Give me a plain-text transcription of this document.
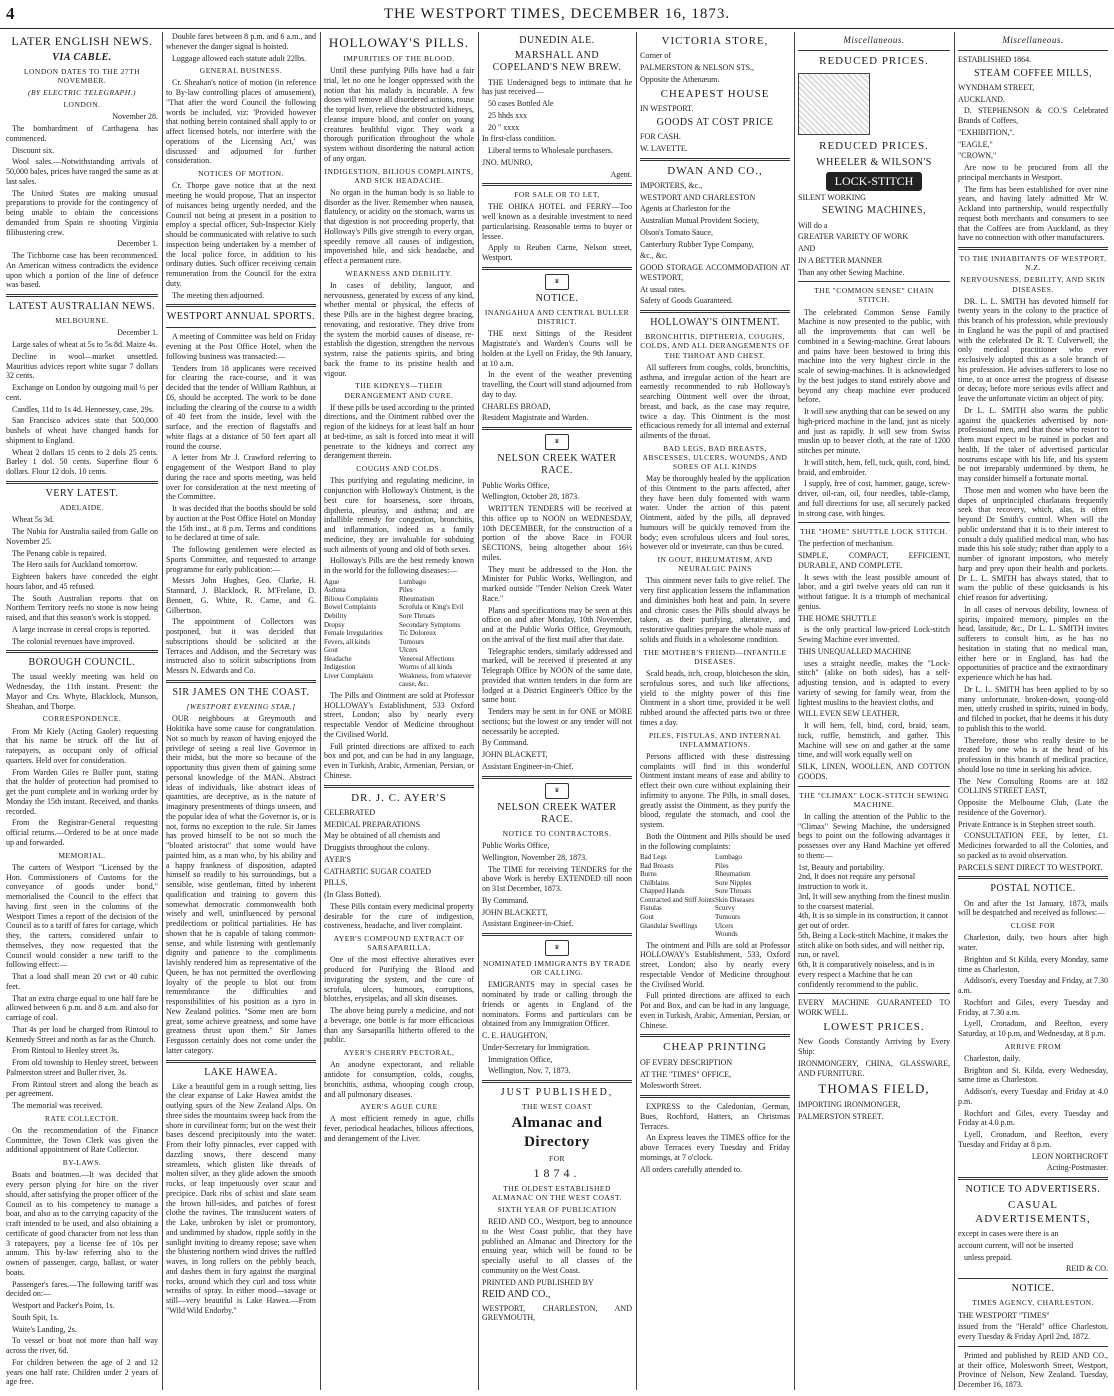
4	THE WESTPORT TIMES, DECEMBER 16, 1873.
LATER ENGLISH NEWS.
VIA CABLE.
LONDON DATES TO THE 27TH NOVEMBER.
(BY ELECTRIC TELEGRAPH.)
LONDON.

November 28.

The bombardment of Carthagena has commenced.

Discount six.

Wool sales.—Notwithstanding arrivals of 50,000 bales, prices have ranged the same as at last sales.

The United States are making unusual preparations to provide for the contingency of being unable to obtain the concessions demanded from Spain re shooting Virginia filibustering crew.

December 1.

The Tichborne case has been recommenced. An American witness contradicts the evidence upon which a portion of the line of defence was based.

LATEST AUSTRALIAN NEWS.
MELBOURNE.

December 1.

Large sales of wheat at 5s to 5s 8d. Maize 4s.

Decline in wool—market unsettled. Mauritius advices report white sugar 7 dollars 32 cents.

Exchange on London by outgoing mail ½ per cent.

Candles, 11d to 1s 4d. Hennessey, case, 29s.

San Francisco advices state that 500,000 bushels of wheat have changed hands for shipment to England.

Wheat 2 dollars 15 cents to 2 dols 25 cents. Barley 1 dol. 50 cents. Superfine flour 6 dollars. Flour 12 dols. 10 cents.

VERY LATEST.
ADELAIDE.

Wheat 5s 3d.

The Nubia for Australia sailed from Galle on November 25.

The Penang cable is repaired.

The Hero sails for Auckland tomorrow.

Eighteen bakers have conceded the eight hours labor, and 45 refused.

The South Australian reports that on Northern Territory reefs no stone is now being raised, and that this season's work is stopped.

A large increase in cereal crops is reported.

The colonial revenues have improved.

BOROUGH COUNCIL.

The usual weekly meeting was held on Wednesday, the 11th instant. Present: the Mayor and Crs. Whyte, Blacklock, Munson, Sheahan, and Thorpe.

CORRESPONDENCE.

From Mr Kiely (Acting Gaoler) requesting that his name be struck off the list of ratepayers, as occupant only of official quarters. Held over for consideration.

From Warden Giles re Buller punt, stating that the holder of protection had promised to get the punt complete and in working order by Monday the 15th instant. Received, and thanks recorded.

From the Registrar-General requesting official returns.—Ordered to be at once made up and forwarded.

MEMORIAL.

The carters of Westport "Licensed by the Hon. Commissioners of Customs for the conveyance of goods under bond," memorialised the Council to the effect that having first seen in the columns of the Westport Times a report of the decision of the Council as to a tariff of fares for cartage, which they, the carters, considered unfair to themselves, they now requested that the Council would consider a new tariff to the following effect:—

That a load shall mean 20 cwt or 40 cubic feet.

That an extra charge equal to one half fare be allowed between 6 p.m. and 8 a.m. and also for carriage of coal.

That 4s per load be charged from Rintoul to Kennedy Street and north as far as the Church.

From Rintoul to Henley street 3s.

From old township to Henley street, between Palmerston street and Buller river, 3s.

From Rintoul street and along the beach as per agreement.

The memorial was received.

RATE COLLECTOR.

On the recommendation of the Finance Committee, the Town Clerk was given the additional appointment of Rate Collector.

BY-LAWS.

Boats and boatmen.—It was decided that every person plying for hire on the river should, after satisfying the proper officer of the Council as to his competency to manage a boat, and also as to the carrying capacity of the craft intended to be used, and also obtaining a certificate of good character from not less than 3 ratepayers, pay a license fee of 10s per annum. This by-law referring also to the owners of passenger, cargo, ballast, or water boats.

Passenger's fares.—The following tariff was decided on:—

Westport and Packer's Point, 1s.

South Spit, 1s.

Waite's Landing, 2s.

To vessel or boat not more than half way across the river, 6d.

For children between the age of 2 and 12 years one half rate. Children under 2 years of age free.

Double fares between 8 p.m. and 6 a.m., and whenever the danger signal is hoisted.

Luggage allowed each statute adult 22lbs.

GENERAL BUSINESS.

Cr. Sheahan's notice of motion (in reference to By-law controlling places of amusement), "That after the word Council the following words be included, viz: 'Provided however that nothing herein contained shall apply to or affect licensed hotels, nor interfere with the operations of the Licensing Act,' was discussed and adjourned for further consideration.

NOTICES OF MOTION.

Cr. Thorpe gave notice that at the next meeting he would propose, That an inspector of nuisances being urgently needed, and the Council not being at present in a position to employ a special officer, Sub-Inspector Kiely should be communicated with relative to such inspection being undertaken by a member of the local police force, in addition to his ordinary duties. Such officer receiving certain remuneration from the Council for the extra duty.

The meeting then adjourned.

WESTPORT ANNUAL SPORTS.

A meeting of Committee was held on Friday evening at the Post Office Hotel, when the following business was transacted:—

Tenders from 18 applicants were received for clearing the race-course, and it was decided that the tender of William Rathbun, at £6, should be accepted. The work to be done including the clearing of the course to a width of 40 feet from the inside, level with the surface, and the erection of flagstaffs and white flags at a distance of 50 feet apart all round the course.

A letter from Mr J. Crawford referring to engagement of the Westport Band to play during the race and sports meeting, was held over for consideration at the next meeting of the Committee.

It was decided that the booths should be sold by auction at the Post Office Hotel on Monday the 15th inst., at 8 p.m. Terms and conditions to be declared at time of sale.

The following gentlemen were elected as Sports Committee, and requested to arrange programme for early publication:—

Messrs John Hughes, Geo. Clarke, H. Stannard, J. Blacklock, R. M'Frelane, D. Bennett, G. White, R. Carne, and G. Gilbertson.

The appointment of Collectors was postponed, but it was decided that subscriptions should be solicited at the Terraces and Addison, and the Secretary was instructed also to solicit subscriptions from Messrs N. Edwards and Co.

SIR JAMES ON THE COAST.
[WESTPORT EVENING STAR.]

OUR neighbours at Greymouth and Hokitika have some cause for congratulation. Not so much by reason of having enjoyed the privilege of seeing a real live Governor in their midst, but the more so because of the opportunity thus given them of gaining some personal knowledge of the MAN. Abstract ideas of individuals, like abstract ideas of quantities, are deceptive, as is the nature of imaginary presentments of things unseen, and the popular idea of what the Governor is, or is not, forms no exception to the rule. Sir James has proved himself to be not so much the "bloated aristocrat" that some would have painted him, as a man who, by his ability and a happy frankness of disposition, adapted himself so readily to his surroundings, but a sensible, wise gentleman, fitted by inherent qualification and training to govern this somewhat democratic commonwealth both wisely and well, uninfluenced by personal predilections or political partialities. He has shown that he is capable of taking common-sense, and while listening with gentlemanly dignity and patience to the compliments lavishly rendered him as representative of the Queen, he has not permitted the overflowing loyalty of the people to blot out from remembrance the difficulties and responsibilities of his position as a tyro in New Zealand politics. "Some men are born great, some achieve greatness, and some have greatness thrust upon them." Sir James Fergusson certainly does not come under the latter category.

LAKE HAWEA.

Like a beautiful gem in a rough setting, lies the clear expanse of Lake Hawea amidst the outlying spurs of the New Zealand Alps. On three sides the mountains sweep back from the shore in curvilinear form; but on the west their bases descend precipitously into the water. From their lofty pinnacles, ever capped with dazzling snows, there descend many streamlets, which glisten like threads of molten silver, as they glide adown the smooth rocks, or leap impetuously over scaur and precipice. Dark ribs of schist and slate seam the brown hill-sides, and patches of forest clothe the ravines. The translucent waters of the Lake, unbroken by islet or promontory, and undimmed by shadow, ripple softly in the sunlight inviting to dreamy repose; save when the blustering northern wind drives the ruffled waves, in long rollers on the pebbly beach, and dashes them in fury against the marginal rocks, around which they curl and toss white wreaths of spray. In either mood—savage or still—very beautiful is Lake Hawea.—From "Wild Wild Endorby."

HOLLOWAY'S PILLS.
IMPURITIES OF THE BLOOD.

Until these purifying Pills have had a fair trial, let no one be longer oppressed with the notion that his malady is incurable. A few doses will remove all disordered actions, rouse the torpid liver, relieve the obstructed kidneys, cleanse impure blood, and confer on young creatures healthful vigor. They work a thorough purification throughout the whole system without disordering the natural action of any organ.

INDIGESTION, BILIOUS COMPLAINTS, AND SICK HEADACHE.

No organ in the human body is so liable to disorder as the liver. Remember when nausea, flatulency, or acidity on the stomach, warns us that digestion is not proceeding properly, that Holloway's Pills give strength to every organ, speedily remove all causes of indigestion, impoverished bile, and sick headache, and effect a permanent cure.

WEAKNESS AND DEBILITY.

In cases of debility, languor, and nervousness, generated by excess of any kind, whether mental or physical, the effects of these Pills are in the highest degree bracing, renovating, and restorative. They drive from the system the morbid causes of disease, re-establish the digestion, strengthen the nervous system, raise the patients spirits, and bring back the frame to its pristine health and vigour.

THE KIDNEYS—THEIR DERANGEMENT AND CURE.

If these pills be used according to the printed directions, and the Ointment rubbed over the region of the kidneys for at least half an hour at bed-time, as salt is forced into meat it will penetrate to the kidneys and correct any derangement therein.

COUGHS AND COLDS.

This purifying and regulating medicine, in conjunction with Holloway's Ointment, is the best cure for hoarseness, sore throats, diptheria, pleurisy, and asthma; and are infallible remedy for congestion, bronchitis, and inflammation, indeed as a family medicine, they are invaluable for subduing such ailments of young and old of both sexes.

Holloway's Pills are the best remedy known in the world for the following diseases:—

Ague
Asthma
Bilious Complaints
Bowel Complaints
Debility
Dropsy
Female Irregularities
Fevers, all kinds
Gout
Headache
Indigestion
Liver Complaints
Lumbago
Piles
Rheumatism
Scrofula or King's Evil
Sore Throats
Secondary Symptoms
Tic Doloreux
Tumours
Ulcers
Venereal Affections
Worms of all kinds
Weakness, from whatever cause, &c.

The Pills and Ointment are sold at Professor HOLLOWAY's Establishment, 533 Oxford street, London; also by nearly every respectable Vendor of Medicine throughout the Civilised World.

Full printed directions are affixed to each box and pot, and can be had in any language, even in Turkish, Arabic, Armenian, Persian, or Chinese.

DR. J. C. AYER'S

CELEBRATED

MEDICAL PREPARATIONS

May be obtained of all chemists and

Druggists throughout the colony.

AYER'S

CATHARTIC SUGAR COATED

PILLS,

(In Glass Botted).

These Pills contain every medicinal property desirable for the cure of indigestion, costiveness, headache, and liver complaint.

AYER'S COMPOUND EXTRACT OF SARSAPARILLA.

One of the most effective alteratives ever produced for Purifying the Blood and invigorating the system, and the cure of scrofula, ulcers, humours, corruptions, blotches, erysipelas, and all skin diseases.

The above being purely a medicine, and not a beverage, one bottle is far more efficacious than any Sarsaparilla hitherto offered to the public.

AYER'S CHERRY PECTORAL,

An anodyne expectorant, and reliable antidote for consumption, colds, coughs, bronchitis, asthma, whooping cough croup, and all pulmonary diseases.

AYER'S AGUE CURE

A most efficient remedy in ague, chills fever, periodical headaches, bilious affections, and derangement of the Liver.

DUNEDIN ALE.
MARSHALL AND COPELAND'S NEW BREW.

THE Undersigned begs to intimate that he has just received—

50 cases Bottled Ale

25 hhds xxx

20 " xxxx

In first-class condition.

Liberal terms to Wholesale purchasers.

JNO. MUNRO,

Agent.

FOR SALE OR TO LET,

THE OHIKA HOTEL and FERRY—Too well known as a desirable investment to need particularising. Reasonable terms to buyer or lessee.

Apply to Reuben Carne, Nelson street, Westport.

♛
NOTICE.
INANGAHUA AND CENTRAL BULLER DISTRICT.

THE next Sittings of the Resident Magistrate's and Warden's Courts will be holden at the Lyell on Friday, the 9th January, at 10 a.m.

In the event of the weather preventing travelling, the Court will stand adjourned from day to day.

CHARLES BROAD,

Resident Magistrate and Warden.

♛
NELSON CREEK WATER RACE.

Public Works Office,

Wellington, October 28, 1873.

WRITTEN TENDERS will be received at this office up to NOON on WEDNESDAY, 10th DECEMBER, for the construction of a portion of the above Race in FOUR SECTIONS, being altogether about 16½ miles.

They must be addressed to the Hon. the Minister for Public Works, Wellington, and marked outside "Tender Nelson Creek Water Race."

Plans and specifications may be seen at this office on and after Monday, 10th November, and at the Public Works Office, Greymouth, on the arrival of the first mail after that date.

Telegraphic tenders, similarly addressed and marked, will be received if presented at any Telegraph Office by NOON of the same date, provided that written tenders in due form are lodged at a District Engineer's Office by the same hour.

Tenders may be sent in for ONE or MORE sections; but the lowest or any tender will not necessarily be accepted.

By Command.

JOHN BLACKETT,

Assistant Engineer-in-Chief.

♛
NELSON CREEK WATER RACE.
NOTICE TO CONTRACTORS.

Public Works Office,

Wellington, November 28, 1873.

The TIME for receiving TENDERS for the above Work is hereby EXTENDED till noon on 31st December, 1873.

By Command.

JOHN BLACKETT,

Assistant Engineer-in-Chief.

♛
NOMINATED IMMIGRANTS BY TRADE OR CALLING.

EMIGRANTS may in special cases be nominated by trade or calling through the friends or agents in England of the nominators. Forms and particulars can be obtained from any Immigration Officer.

C. E. HAUGHTON,

Under-Secretary for Immigration.

Immigration Office,

Wellington, Nov. 7, 1873.

JUST PUBLISHED,
THE WEST COAST
Almanac and Directory
FOR
1874.
THE OLDEST ESTABLISHED ALMANAC ON THE WEST COAST.
SIXTH YEAR OF PUBLICATION

REID AND CO., Westport, beg to announce to the West Coast public, that they have published an Almanac and Directory for the ensuing year, which will be found to be specially useful to all classes of the community on the West Coast.

PRINTED AND PUBLISHED BY

REID AND CO.,

WESTPORT, CHARLESTON, AND GREYMOUTH,

VICTORIA STORE,

Corner of

PALMERSTON & NELSON STS.,

Opposite the Athenæum.

CHEAPEST HOUSE

IN WESTPORT.

GOODS AT COST PRICE

FOR CASH.

W. LAVETTE.

DWAN AND CO.,

IMPORTERS, &c.,

WESTPORT AND CHARLESTON

Agents at Charleston for the

Australian Mutual Provident Society,

Olson's Tomato Sauce,

Canterbury Rubber Type Company,

&c., &c.

GOOD STORAGE ACCOMMODATION AT WESTPORT,

At usual rates.

Safety of Goods Guaranteed.

HOLLOWAY'S OINTMENT.
BRONCHITIS, DIPTHERIA, COUGHS, COLDS, AND ALL DERANGEMENTS OF THE THROAT AND CHEST.

All sufferers from coughs, colds, bronchitis, asthma, and irregular action of the heart are earnestly recommended to rub Holloway's searching Ointment well over the throat, breast, and back, as the case may require, twice a day. This Ointment is the most efficacious remedy for all internal and external ailments of the throat.

BAD LEGS, BAD BREASTS, ABSCESSES, ULCERS, WOUNDS, AND SORES OF ALL KINDS

May be thoroughly healed by the application of this Ointment to the parts affected, after they have been duly fomented with warm water. Under the action of this patent Ointment, aided by the pills, all depraved humours will be quickly removed from the body; even scrofulous ulcers and foul sores, however old or inveterate, can thus be cured.

IN GOUT, RHEUMATISM, AND NEURALGIC PAINS

This ointment never fails to give relief. The very first application lessens the inflammation and diminishes both heat and pain. In severe and chronic cases the Pills should always be taken, as their purifying, alterative, and restorative qualities prepare the whole mass of solids and fluids in a wholesome condition.

THE MOTHER'S FRIEND—INFANTILE DISEASES.

Scald heads, itch, croup, blotcheson the skin, scrofulous sores, and such like affections, yield to the mighty power of this fine Ointment in a short time, provided it be well rubbed around the affected parts two or three times a day.

PILES, FISTULAS, AND INTERNAL INFLAMMATIONS.

Persons afflicted with these distressing complaints will find in this wonderful Ointment instant means of ease and ability to effect their own cure without explaining their infirmity to anyone. The Pills, in small doses, greatly assist the Ointment, as they purify the blood, regulate the stomach, and cool the system.

Both the Ointment and Pills should be used in the following complaints:

Bad Legs
Bad Breasts
Burns
Chilblains
Chapped Hands
Contracted and Stiff Joints
Fistulas
Gout
Glandular Swellings
Lumbago
Piles
Rheumatism
Sore Nipples
Sore Throats
Skin Diseases
Scurvy
Tumours
Ulcers
Wounds

The ointment and Pills are sold at Professor HOLLOWAY's Establishment, 533, Oxford street, London; also by nearly every respectable Vendor of Medicine throughout the Civilised World.

Full printed directions are affixed to each Pot and Box, and can be had in any language, even in Turkish, Arabic, Armenian, Persian, or Chinese.

CHEAP PRINTING

OF EVERY DESCRIPTION

AT THE "TIMES" OFFICE,

Molesworth Street.

EXPRESS to the Caledonian, German, Bues, Rochford, Hatters, an Christmas Terraces.

An Express leaves the TIMES office for the above Terraces every Tuesday and Friday mornings, at 7 o'clock.

All orders carefully attended to.

Miscellaneous.
REDUCED PRICES.
REDUCED PRICES.
WHEELER & WILSON'S
LOCK-STITCH

SILENT WORKING

SEWING MACHINES,

Will do a

GREATER VARIETY OF WORK

AND

IN A BETTER MANNER

Than any other Sewing Machine.

THE "COMMON SENSE" CHAIN STITCH.

The celebrated Common Sense Family Machine is now presented to the public, with all the improvements that can well be combined in a Sewing-machine. Great labours and pains have been bestowed to bring this machine into the very highest circle in the scale of sewing-machines. It is acknowledged by the best judges to stand entirely above and beyond any cheap machine ever produced before.

It will sew anything that can be sewed on any high-priced machine in the land, just as nicely and just as rapidly. It will sew from Swiss muslin up to beaver cloth, at the rate of 1200 stitches per minute.

It will stitch, hem, fell, tuck, quilt, cord, bind, braid, and embroider.

I supply, free of cost, hammer, gauge, screw-driver, oil-can, oil, four needles, table-clamp, and full directions for use, all securely packed in strong case, with hinges.

THE "HOME" SHUTTLE LOCK STITCH.

The perfection of mechanism.

SIMPLE, COMPACT, EFFICIENT, DURABLE, AND COMPLETE.

It sews with the least possible amount of labor, and a girl twelve years old can run it without fatigue. It is a triumph of mechanical genius.

THE HOME SHUTTLE

is the only practical low-priced Lock-stitch Sewing Machine ever invented.

THIS UNEQUALLED MACHINE

uses a straight needle, makes the "Lock-stitch" (alike on both sides), has a self-adjusting tension, and is adapted to every variety of sewing for family wear, from the lightest muslins to the heaviest cloths, and

WILL EVEN SEW LEATHER.

It will hem, fell, bind, cord, braid, seam, tuck, ruffle, hemstitch, and gather. This Machine will sew on and gather at the same time, and will work equally well on

SILK, LINEN, WOOLLEN, AND COTTON GOODS.

THE "CLIMAX" LOCK-STITCH SEWING MACHINE.

In calling the attention of the Public to the "Climax" Sewing Machine, the undersigned begs to point out the following advantages it possesses over any Hand Machine yet offered to them:—

1st, Beauty and portability.
2nd, It does not require any personal instruction to work it.
3rd, It will sew anything from the finest muslin to the coarsest material.
4th, It is so simple in its construction, it cannot get out of order.
5th, Being a Lock-stitch Machine, it makes the stitch alike on both sides, and will neither rip, run, or ravel.
6th, It is comparatively noiseless, and is in every respect a Machine that he can confidently recommend to the public.

EVERY MACHINE GUARANTEED TO WORK WELL.

LOWEST PRICES.

New Goods Constantly Arriving by Every Ship:

IRONMONGERY, CHINA, GLASSWARE, AND FURNITURE.

THOMAS FIELD,

IMPORTING IRONMONGER,

PALMERSTON STREET.

Miscellaneous.

ESTABLISHED 1864.

STEAM COFFEE MILLS,

WYNDHAM STREET,

AUCKLAND.

D. STEPHENSON & CO.'S Celebrated Brands of Coffees,

"EXHIBITION,".

"EAGLE,"

"CROWN,"

Are now to be procured from all the principal merchants in Westport.

The firm has been established for over nine years, and having lately admitted Mr W. Ackland into partnership, would respectfully request both merchants and consumers to see that the Coffees are from Auckland, as they have no connection with other manufacturers.

TO THE INHABITANTS OF WESTPORT, N.Z.
NERVOUSNESS, DEBILITY, AND SKIN DISEASES.

DR. L. L. SMITH has devoted himself for twenty years in the colony to the practice of this branch of his profession, while previously in England he was the pupil of and practised with the celebrated Dr R. T. Culverwell, the only medical practitioner who ever exclusively adopted this as a sole branch of his profession. He advises sufferers to lose no time, to at once arrest the progress of disease or decay, before more serious evils affect and leave the unfortunate victim an object of pity.

Dr L. L. SMITH also warns the public against the quackeries advertised by non-professional men, and that those who resort to them must expect to be ruined in pocket and health. If the taker of advertised particular nostrums escape with his life, and his system be not irreparably undermined by them, he may consider himself a fortunate mortal.

Those men and women who have been the dupes of unprincipled charlatans frequently seek that recovery, which, alas, is often beyond Dr Smith's control. When will the public understand that it is to their interest to consult a duly qualified medical man, who has made this his sole study; rather than apply to a number of ignorant impostors, who merely harp and prey upon their health and pockets. Dr L. L. SMITH has always stated, that to warn the public of these quicksands is his chief reason for advertising.

In all cases of nervous debility, lowness of spirits, impaired memory, pimples on the head, lassitude, &c., Dr L. L. SMITH invites sufferers to consult him, as he has no hesitation in stating that no medical man, either here or in England, has had the opportunities of practice and the extraordinary experience which he has had.

Dr L. L. SMITH has been applied to by so many unfortunate, broken-down, young-old men, utterly crushed in spirits, ruined in body, and filched in pocket, that he deems it his duty to publish this to the world.

Therefore, those who really desire to be treated by one who is at the head of his profession in this branch of medical practice, should lose no time in seeking his advice.

The New Consulting Rooms are at 182 COLLINS STREET EAST,

Opposite the Melbourne Club, (Late the residence of the Governor).

Private Entrance is in Stephen street south.

CONSULTATION FEE, by letter, £1. Medicines forwarded to all the Colonies, and so packed as to avoid observation.

PARCELS SENT DIRECT TO WESTPORT.

POSTAL NOTICE.

On and after the 1st January, 1873, mails will be despatched and received as follows:—

CLOSE FOR

Charleston, daily, two hours after high water.

Brighton and St Kilda, every Monday, same time as Charleston.

Addison's, every Tuesday and Friday, at 7.30 a.m.

Rochfort and Giles, every Tuesday and Friday, at 7.30 a.m.

Lyell, Cronadum, and Reefton, every Saturday, at 10 p.m, and Wednesday, at 8 p.m.

ARRIVE FROM

Charleston, daily.

Brighton and St. Kilda, every Wednesday, same time as Charleston.

Addison's, every Tuesday and Friday at 4.0 p.m.

Rochfort and Giles, every Tuesday and Friday at 4.0 p.m.

Lyell, Cronadum, and Reefton, every Tuesday and Friday at 8 p.m.

LEON NORTHCROFT

Acting-Postmaster.

NOTICE TO ADVERTISERS.
CASUAL ADVERTISEMENTS,

except in cases were there is an

account current, will not be inserted

unless prepaid.

REID & CO.

NOTICE.
TIMES AGENCY, CHARLESTON.

THE WESTPORT "TIMES"

issued from the "Herald" office Charleston, every Tuesday & Friday April 2nd, 1872.

Printed and published by REID AND CO., at their office, Molesworth Street, Westport, Province of Nelson, New Zealand. Tuesday, December 16, 1873.
